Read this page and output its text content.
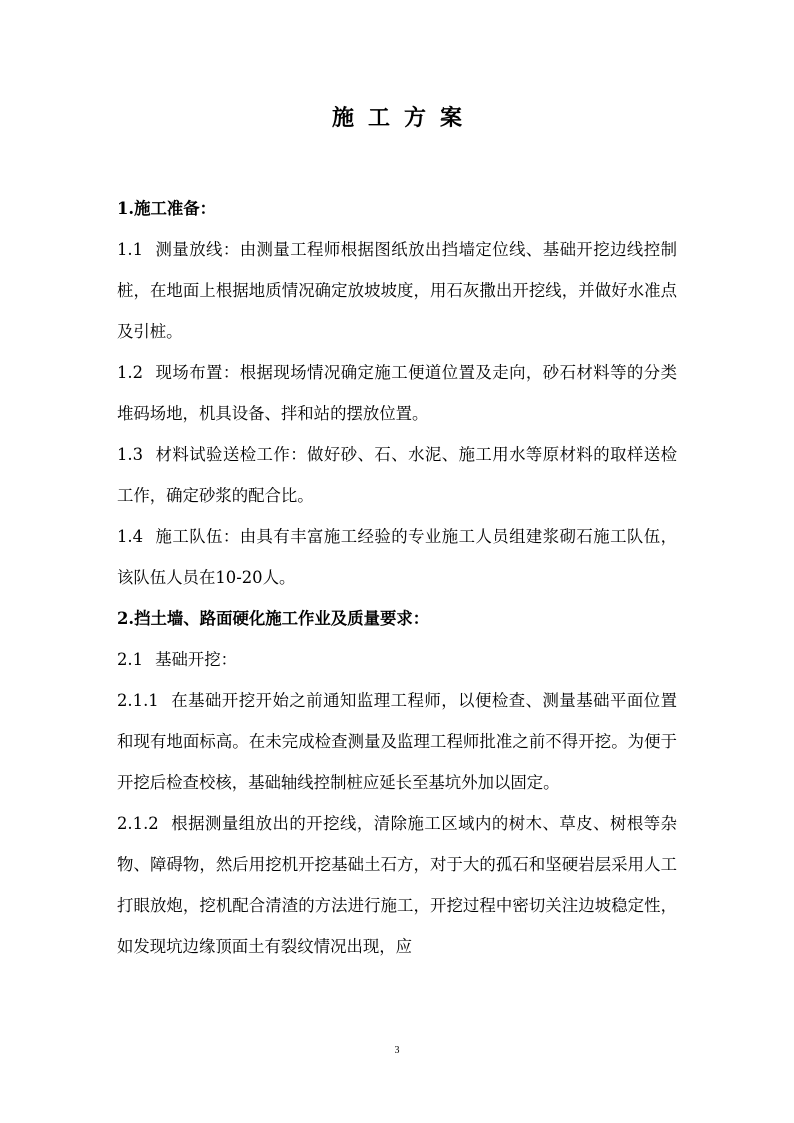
施工方案

1.施工准备：

1.1 测量放线：由测量工程师根据图纸放出挡墙定位线、基础开挖边线控制桩，在地面上根据地质情况确定放坡坡度，用石灰撒出开挖线，并做好水准点及引桩。

1.2 现场布置：根据现场情况确定施工便道位置及走向，砂石材料等的分类堆码场地，机具设备、拌和站的摆放位置。

1.3 材料试验送检工作：做好砂、石、水泥、施工用水等原材料的取样送检工作，确定砂浆的配合比。

1.4 施工队伍：由具有丰富施工经验的专业施工人员组建浆砌石施工队伍，该队伍人员在10-20人。

2.挡土墙、路面硬化施工作业及质量要求：

2.1 基础开挖：

2.1.1 在基础开挖开始之前通知监理工程师，以便检查、测量基础平面位置和现有地面标高。在未完成检查测量及监理工程师批准之前不得开挖。为便于开挖后检查校核，基础轴线控制桩应延长至基坑外加以固定。

2.1.2 根据测量组放出的开挖线，清除施工区域内的树木、草皮、树根等杂物、障碍物，然后用挖机开挖基础土石方，对于大的孤石和坚硬岩层采用人工打眼放炮，挖机配合清渣的方法进行施工，开挖过程中密切关注边坡稳定性，如发现坑边缘顶面土有裂纹情况出现，应

3
